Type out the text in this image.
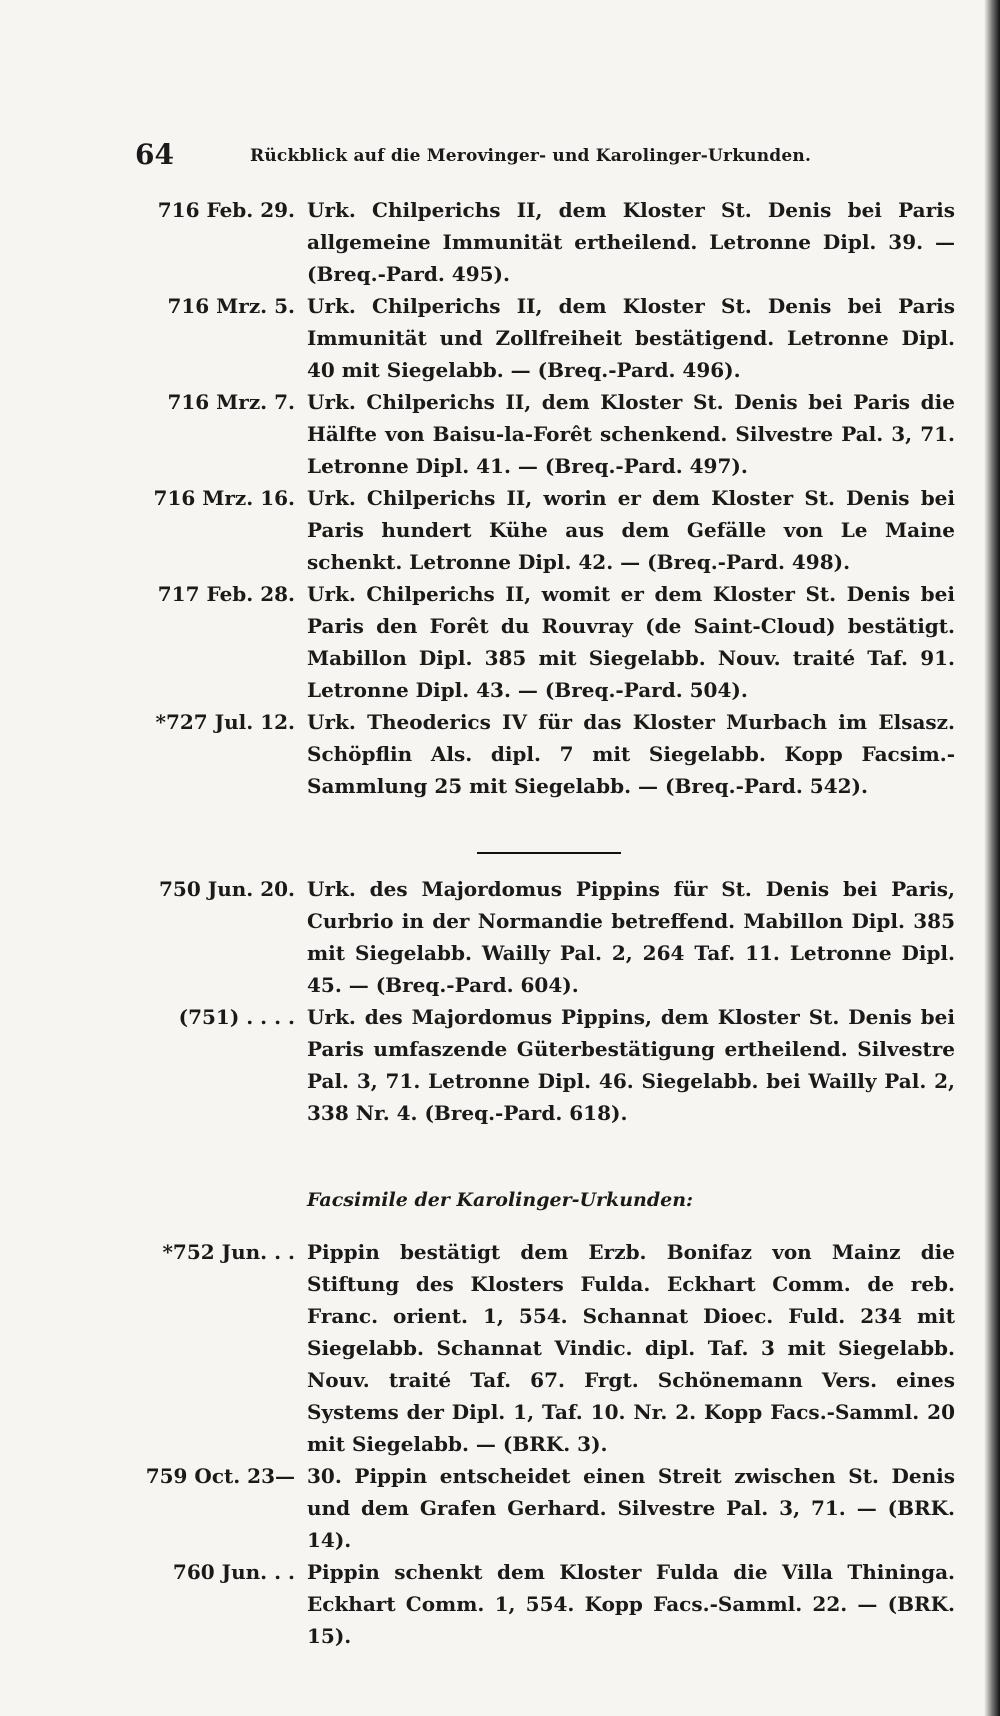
64	Rückblick auf die Merovinger- und Karolinger-Urkunden.
716 Feb. 29. Urk. Chilperichs II, dem Kloster St. Denis bei Paris allgemeine Immunität ertheilend. Letronne Dipl. 39. — (Breq.-Pard. 495).
716 Mrz. 5. Urk. Chilperichs II, dem Kloster St. Denis bei Paris Immunität und Zollfreiheit bestätigend. Letronne Dipl. 40 mit Siegelabb. — (Breq.-Pard. 496).
716 Mrz. 7. Urk. Chilperichs II, dem Kloster St. Denis bei Paris die Hälfte von Baisu-la-Forêt schenkend. Silvestre Pal. 3, 71. Letronne Dipl. 41. — (Breq.-Pard. 497).
716 Mrz. 16. Urk. Chilperichs II, worin er dem Kloster St. Denis bei Paris hundert Kühe aus dem Gefälle von Le Maine schenkt. Letronne Dipl. 42. — (Breq.-Pard. 498).
717 Feb. 28. Urk. Chilperichs II, womit er dem Kloster St. Denis bei Paris den Forêt du Rouvray (de Saint-Cloud) bestätigt. Mabillon Dipl. 385 mit Siegelabb. Nouv. traité Taf. 91. Letronne Dipl. 43. — (Breq.-Pard. 504).
*727 Jul. 12. Urk. Theoderics IV für das Kloster Murbach im Elsasz. Schöpflin Als. dipl. 7 mit Siegelabb. Kopp Facsim.-Sammlung 25 mit Siegelabb. — (Breq.-Pard. 542).
750 Jun. 20. Urk. des Majordomus Pippins für St. Denis bei Paris, Curbrio in der Normandie betreffend. Mabillon Dipl. 385 mit Siegelabb. Wailly Pal. 2, 264 Taf. 11. Letronne Dipl. 45. — (Breq.-Pard. 604).
(751) . . . . Urk. des Majordomus Pippins, dem Kloster St. Denis bei Paris umfaszende Güterbestätigung ertheilend. Silvestre Pal. 3, 71. Letronne Dipl. 46. Siegelabb. bei Wailly Pal. 2, 338 Nr. 4. (Breq.-Pard. 618).
Facsimile der Karolinger-Urkunden:
*752 Jun. . . Pippin bestätigt dem Erzb. Bonifaz von Mainz die Stiftung des Klosters Fulda. Eckhart Comm. de reb. Franc. orient. 1, 554. Schannat Dioec. Fuld. 234 mit Siegelabb. Schannat Vindic. dipl. Taf. 3 mit Siegelabb. Nouv. traité Taf. 67. Frgt. Schönemann Vers. eines Systems der Dipl. 1, Taf. 10. Nr. 2. Kopp Facs.-Samml. 20 mit Siegelabb. — (BRK. 3).
759 Oct. 23— 30. Pippin entscheidet einen Streit zwischen St. Denis und dem Grafen Gerhard. Silvestre Pal. 3, 71. — (BRK. 14).
760 Jun. . . Pippin schenkt dem Kloster Fulda die Villa Thininga. Eckhart Comm. 1, 554. Kopp Facs.-Samml. 22. — (BRK. 15).
